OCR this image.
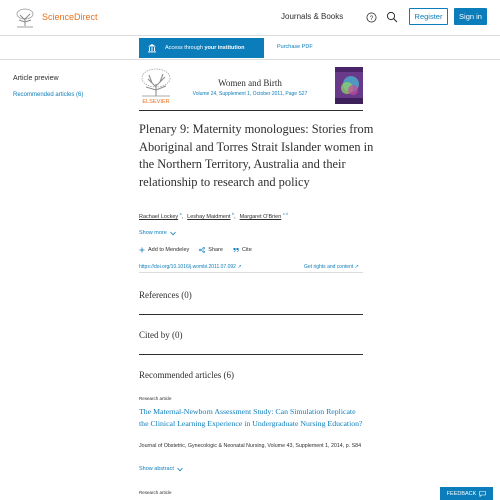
ScienceDirect	Journals & Books	?	Register	Sign in
Access through
your institution	Purchase PDF
Article preview
Recommended articles (6)
ELSEVIER
Women and Birth
Volume 24, Supplement 1, October 2011, Page S27
Plenary 9: Maternity monologues: Stories from Aboriginal and Torres Strait Islander women in the Northern Territory, Australia and their relationship to research and policy
Rachael Lockey $^a$, Leshay Maidment $^b$, Margaret O'Brien $^{c d}$
Show more
Add to Mendeley	Share	Cite
https://doi.org/10.1016/j.wombi.2011.07.092 ↗	Get rights and content ↗
References (0)
Cited by (0)
Recommended articles (6)
Research article
The Maternal-Newborn Assessment Study: Can Simulation Replicate the Clinical Learning Experience in Undergraduate Nursing Education?
Journal of Obstetric, Gynecologic & Neonatal Nursing, Volume 43, Supplement 1, 2014, p. S84
Show abstract
Research article	FEEDBACK
